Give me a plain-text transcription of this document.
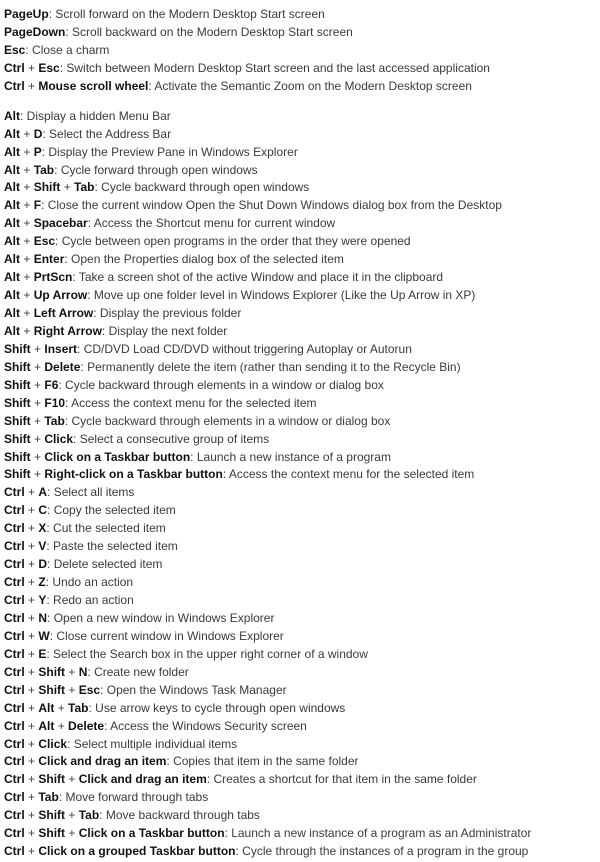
PageUp: Scroll forward on the Modern Desktop Start screen
PageDown: Scroll backward on the Modern Desktop Start screen
Esc: Close a charm
Ctrl + Esc: Switch between Modern Desktop Start screen and the last accessed application
Ctrl + Mouse scroll wheel: Activate the Semantic Zoom on the Modern Desktop screen
Alt: Display a hidden Menu Bar
Alt + D: Select the Address Bar
Alt + P: Display the Preview Pane in Windows Explorer
Alt + Tab: Cycle forward through open windows
Alt + Shift + Tab: Cycle backward through open windows
Alt + F: Close the current window Open the Shut Down Windows dialog box from the Desktop
Alt + Spacebar: Access the Shortcut menu for current window
Alt + Esc: Cycle between open programs in the order that they were opened
Alt + Enter: Open the Properties dialog box of the selected item
Alt + PrtScn: Take a screen shot of the active Window and place it in the clipboard
Alt + Up Arrow: Move up one folder level in Windows Explorer (Like the Up Arrow in XP)
Alt + Left Arrow: Display the previous folder
Alt + Right Arrow: Display the next folder
Shift + Insert: CD/DVD Load CD/DVD without triggering Autoplay or Autorun
Shift + Delete: Permanently delete the item (rather than sending it to the Recycle Bin)
Shift + F6: Cycle backward through elements in a window or dialog box
Shift + F10: Access the context menu for the selected item
Shift + Tab: Cycle backward through elements in a window or dialog box
Shift + Click: Select a consecutive group of items
Shift + Click on a Taskbar button: Launch a new instance of a program
Shift + Right-click on a Taskbar button: Access the context menu for the selected item
Ctrl + A: Select all items
Ctrl + C: Copy the selected item
Ctrl + X: Cut the selected item
Ctrl + V: Paste the selected item
Ctrl + D: Delete selected item
Ctrl + Z: Undo an action
Ctrl + Y: Redo an action
Ctrl + N: Open a new window in Windows Explorer
Ctrl + W: Close current window in Windows Explorer
Ctrl + E: Select the Search box in the upper right corner of a window
Ctrl + Shift + N: Create new folder
Ctrl + Shift + Esc: Open the Windows Task Manager
Ctrl + Alt + Tab: Use arrow keys to cycle through open windows
Ctrl + Alt + Delete: Access the Windows Security screen
Ctrl + Click: Select multiple individual items
Ctrl + Click and drag an item: Copies that item in the same folder
Ctrl + Shift + Click and drag an item: Creates a shortcut for that item in the same folder
Ctrl + Tab: Move forward through tabs
Ctrl + Shift + Tab: Move backward through tabs
Ctrl + Shift + Click on a Taskbar button: Launch a new instance of a program as an Administrator
Ctrl + Click on a grouped Taskbar button: Cycle through the instances of a program in the group
